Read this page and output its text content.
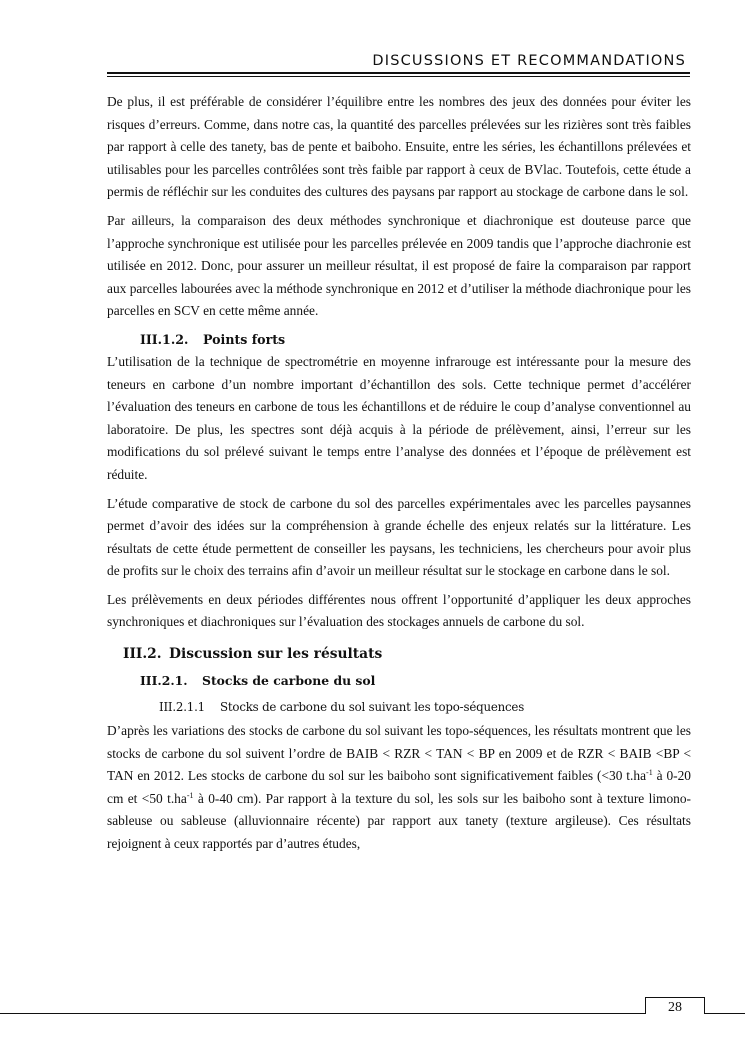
DISCUSSIONS ET RECOMMANDATIONS

De plus, il est préférable de considérer l’équilibre entre les nombres des jeux des données pour éviter les risques d’erreurs. Comme, dans notre cas, la quantité des parcelles prélevées sur les rizières sont très faibles par rapport à celle des tanety, bas de pente et baiboho. Ensuite, entre les séries, les échantillons prélevées et utilisables pour les parcelles contrôlées sont très faible par rapport à ceux de BVlac. Toutefois, cette étude a permis de réfléchir sur les conduites des cultures des paysans par rapport au stockage de carbone dans le sol.

Par ailleurs, la comparaison des deux méthodes synchronique et diachronique est douteuse parce que l’approche synchronique est utilisée pour les parcelles prélevée en 2009 tandis que l’approche diachronie est utilisée en 2012. Donc, pour assurer un meilleur résultat, il est proposé de faire la comparaison par rapport aux parcelles labourées avec la méthode synchronique en 2012 et d’utiliser la méthode diachronique pour les parcelles en SCV en cette même année.

III.1.2. Points forts

L’utilisation de la technique de spectrométrie en moyenne infrarouge est intéressante pour la mesure des teneurs en carbone d’un nombre important d’échantillon des sols. Cette technique permet d’accélérer l’évaluation des teneurs en carbone de tous les échantillons et de réduire le coup d’analyse conventionnel au laboratoire. De plus, les spectres sont déjà acquis à la période de prélèvement, ainsi, l’erreur sur les modifications du sol prélevé suivant le temps entre l’analyse des données et l’époque de prélèvement est réduite.

L’étude comparative de stock de carbone du sol des parcelles expérimentales avec les parcelles paysannes permet d’avoir des idées sur la compréhension à grande échelle des enjeux relatés sur la littérature. Les résultats de cette étude permettent de conseiller les paysans, les techniciens, les chercheurs pour avoir plus de profits sur le choix des terrains afin d’avoir un meilleur résultat sur le stockage en carbone dans le sol.

Les prélèvements en deux périodes différentes nous offrent l’opportunité d’appliquer les deux approches synchroniques et diachroniques sur l’évaluation des stockages annuels de carbone du sol.

III.2. Discussion sur les résultats
III.2.1. Stocks de carbone du sol
III.2.1.1 Stocks de carbone du sol suivant les topo-séquences

D’après les variations des stocks de carbone du sol suivant les topo-séquences, les résultats montrent que les stocks de carbone du sol suivent l’ordre de BAIB < RZR < TAN < BP en 2009 et de RZR < BAIB <BP < TAN en 2012. Les stocks de carbone du sol sur les baiboho sont significativement faibles (<30 $t.ha^{-1}$ à 0-20 cm et <50 $t.ha^{-1}$ à 0-40 cm). Par rapport à la texture du sol, les sols sur les baiboho sont à texture limono-sableuse ou sableuse (alluvionnaire récente) par rapport aux tanety (texture argileuse). Ces résultats rejoignent à ceux rapportés par d’autres études,

28
